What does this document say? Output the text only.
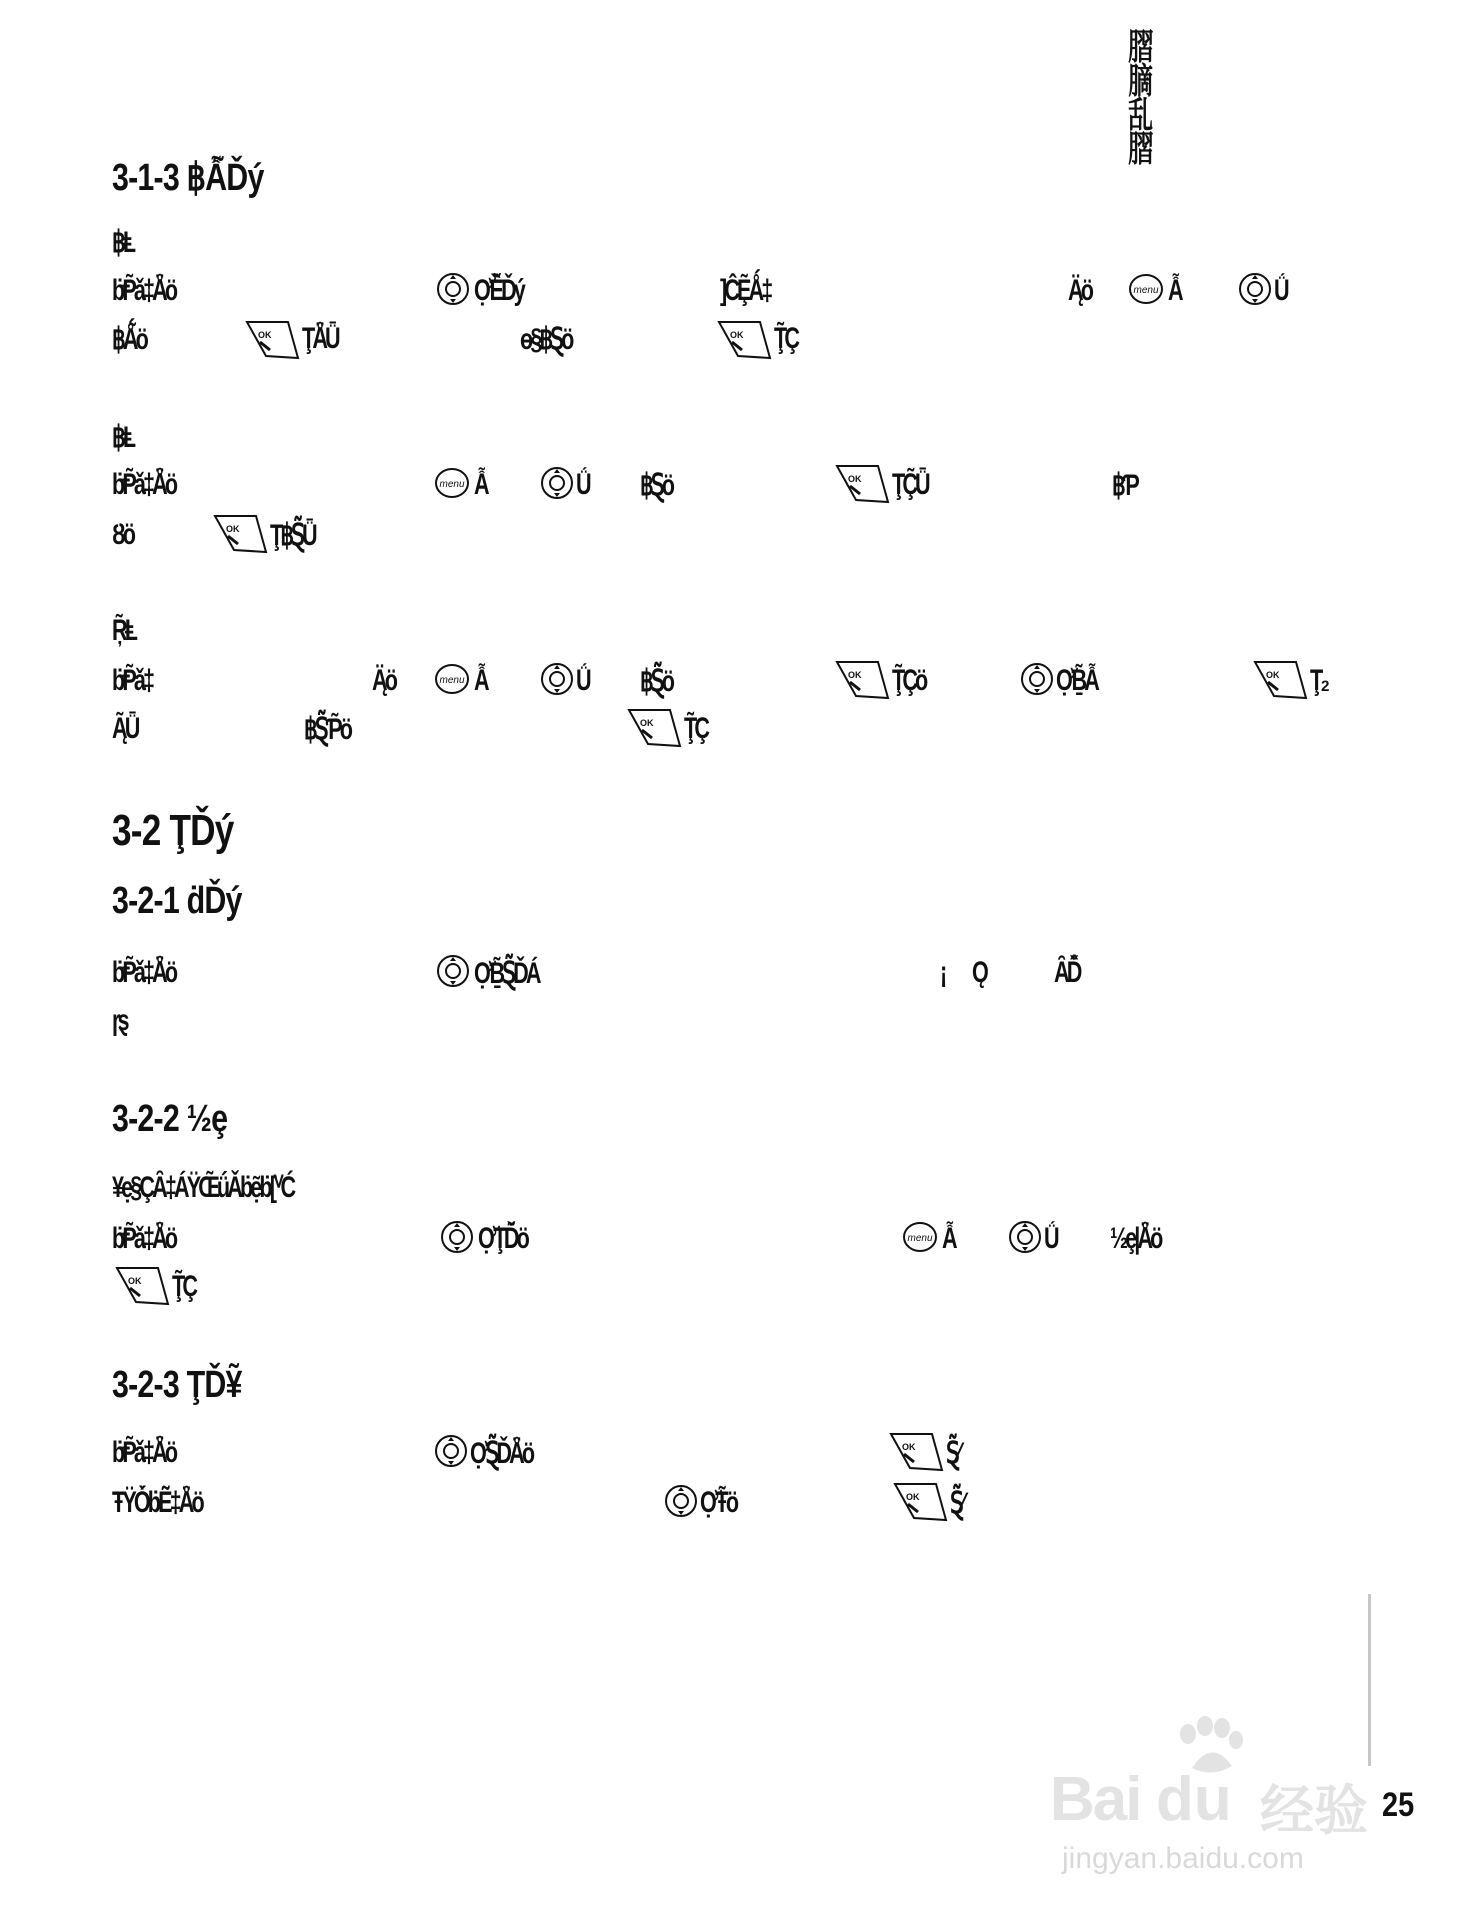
䐲
䐱
乱
䐲
3-1-3 ฿Ẫ̃Ďý
฿Ⱡ
ḃⱣ̃ǎ‡Å̈ö	Ợ̆Ȅ̆Ďý	]ĈȨ̃Ǻ‡	Ą̈ö	menu Ẫ	Ǘ
฿Ǻ̃ö	OK ŢÅ̈Ǖ	ɵ§฿Ȿö	OK Ţ̃Ç
฿Ⱡ
ḃⱣ̃ǎ‡Å̈ö	menu Ẫ	Ǘ ฿Ȿö	OK ŢÇ̃Ǖ	฿Ƥ
Ȣö	OK Ţ฿Ȿ̃Ǖ
Ŗ̃Ⱡ
ḃⱣ̃ǎ‡	Ą̈ö	menu Ẫ	Ǘ ฿Ȿ̃ö	OK Ţ̃Çö	Ợ̆Ḇ̃Ẫ	OK Ţ₂
Ą̃Ǖ	฿Ȿ̃Ƥ̃ö	OK Ţ̃Ç
3-2 ŢĎý
3-2-1 ḋĎý
ḃⱣ̃ǎ‡Å̈ö	Ợ̆Ḇ̃Ȿ̃ĎÁ	¡ Ǫ ȂĎ̂
ɼȿ
3-2-2 ½ȩ
¥ẹ§ÇȂ‡ÁŸŒ̃ǘǍḃẹ̃ḃ[ⱽĆ
ḃⱣ̃ǎ‡Å̈ö	Ợ̆ŢĎ̃ö	menu Ẫ	Ǘ ½ȩ|Å̈ö
OK Ţ̃Ç
3-2-3 ŢĎ¥̃
ḃⱣ̃ǎ‡Å̈ö	Ợ̆Ȿ̃ĎÅ̈ö	OK Ȿ̃⁄
ŦŸÓ̀ḃẼ̃‡Å̈ö	Ợ̆Ŧ̃ö	OK Ȿ̃⁄
25
Bai du 经验
jingyan.baidu.com
